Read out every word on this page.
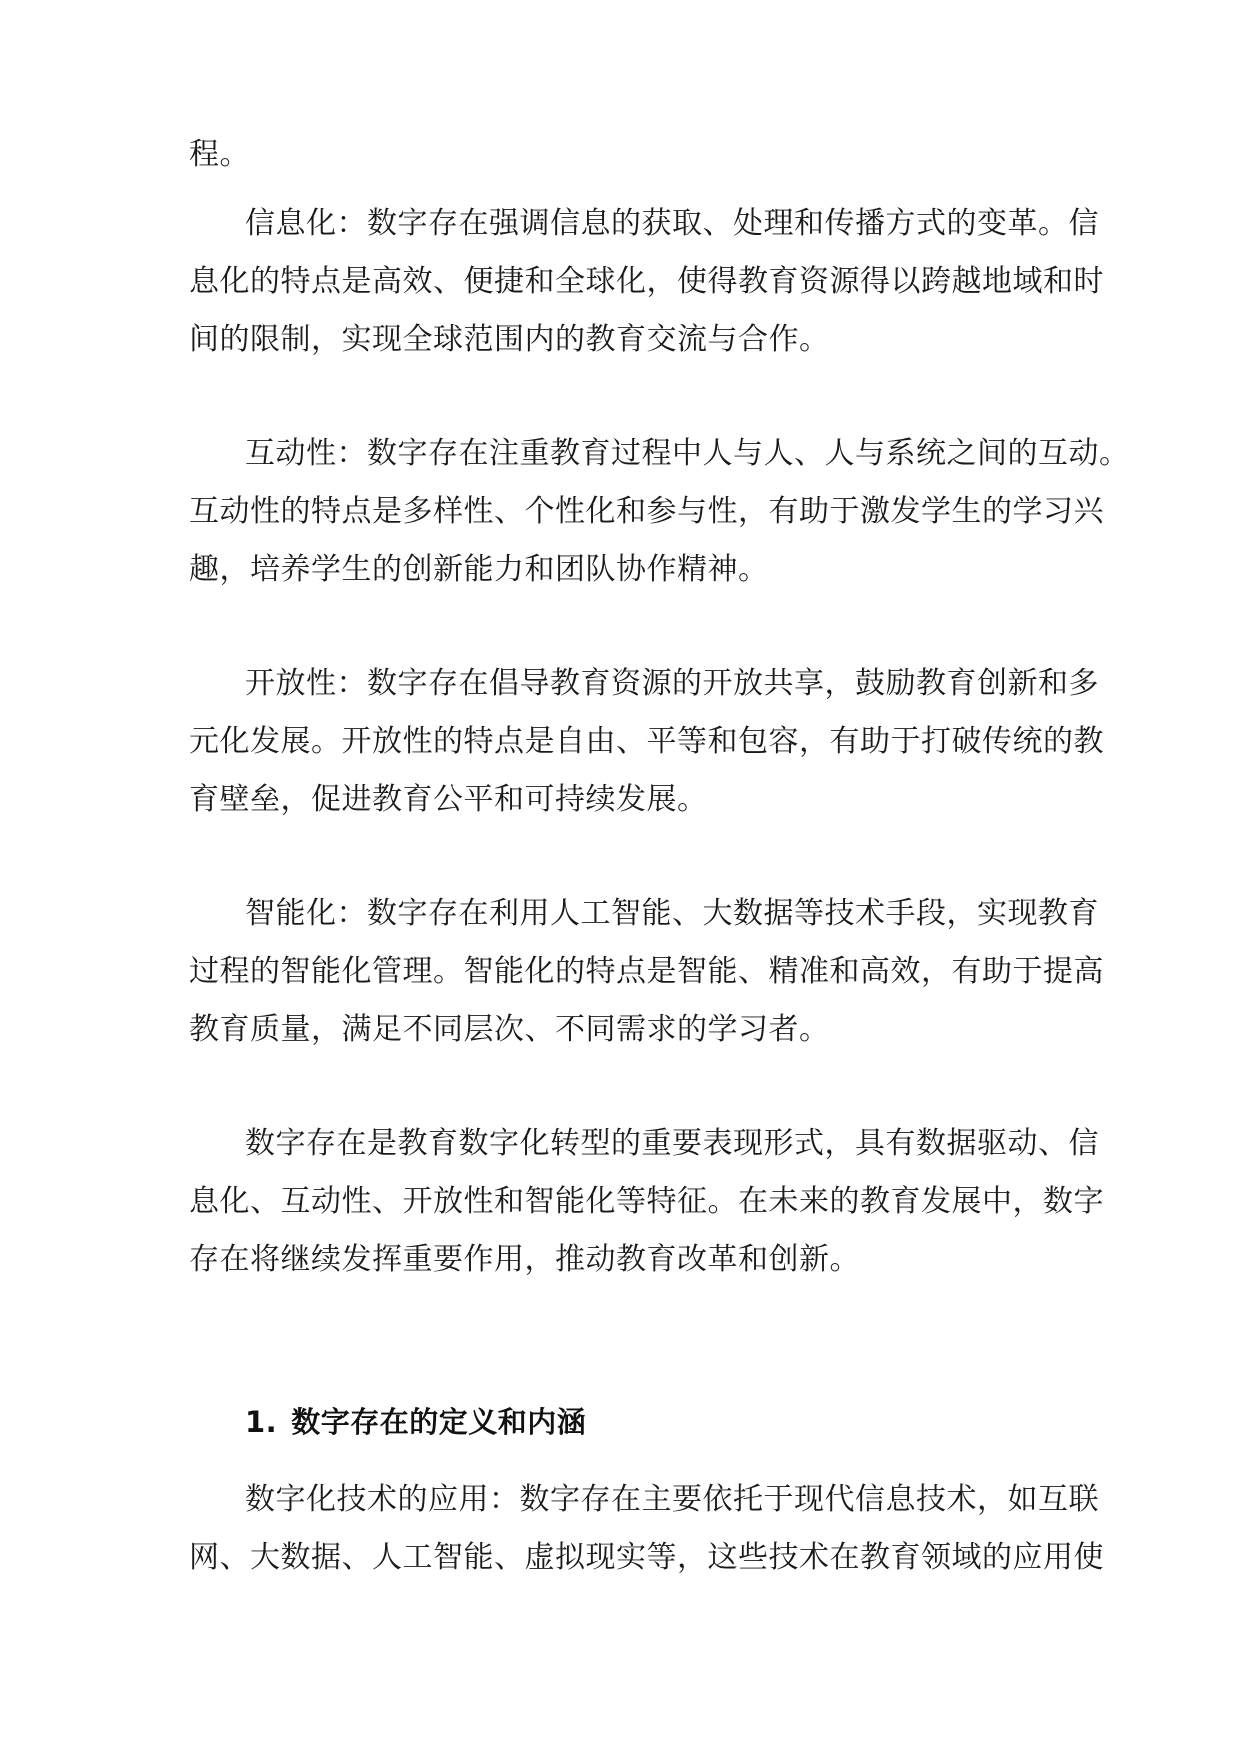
程。
信息化：数字存在强调信息的获取、处理和传播方式的变革。信
息化的特点是高效、便捷和全球化，使得教育资源得以跨越地域和时
间的限制，实现全球范围内的教育交流与合作。
互动性：数字存在注重教育过程中人与人、人与系统之间的互动。
互动性的特点是多样性、个性化和参与性，有助于激发学生的学习兴
趣，培养学生的创新能力和团队协作精神。
开放性：数字存在倡导教育资源的开放共享，鼓励教育创新和多
元化发展。开放性的特点是自由、平等和包容，有助于打破传统的教
育壁垒，促进教育公平和可持续发展。
智能化：数字存在利用人工智能、大数据等技术手段，实现教育
过程的智能化管理。智能化的特点是智能、精准和高效，有助于提高
教育质量，满足不同层次、不同需求的学习者。
数字存在是教育数字化转型的重要表现形式，具有数据驱动、信
息化、互动性、开放性和智能化等特征。在未来的教育发展中，数字
存在将继续发挥重要作用，推动教育改革和创新。
1. 数字存在的定义和内涵
数字化技术的应用：数字存在主要依托于现代信息技术，如互联
网、大数据、人工智能、虚拟现实等，这些技术在教育领域的应用使
